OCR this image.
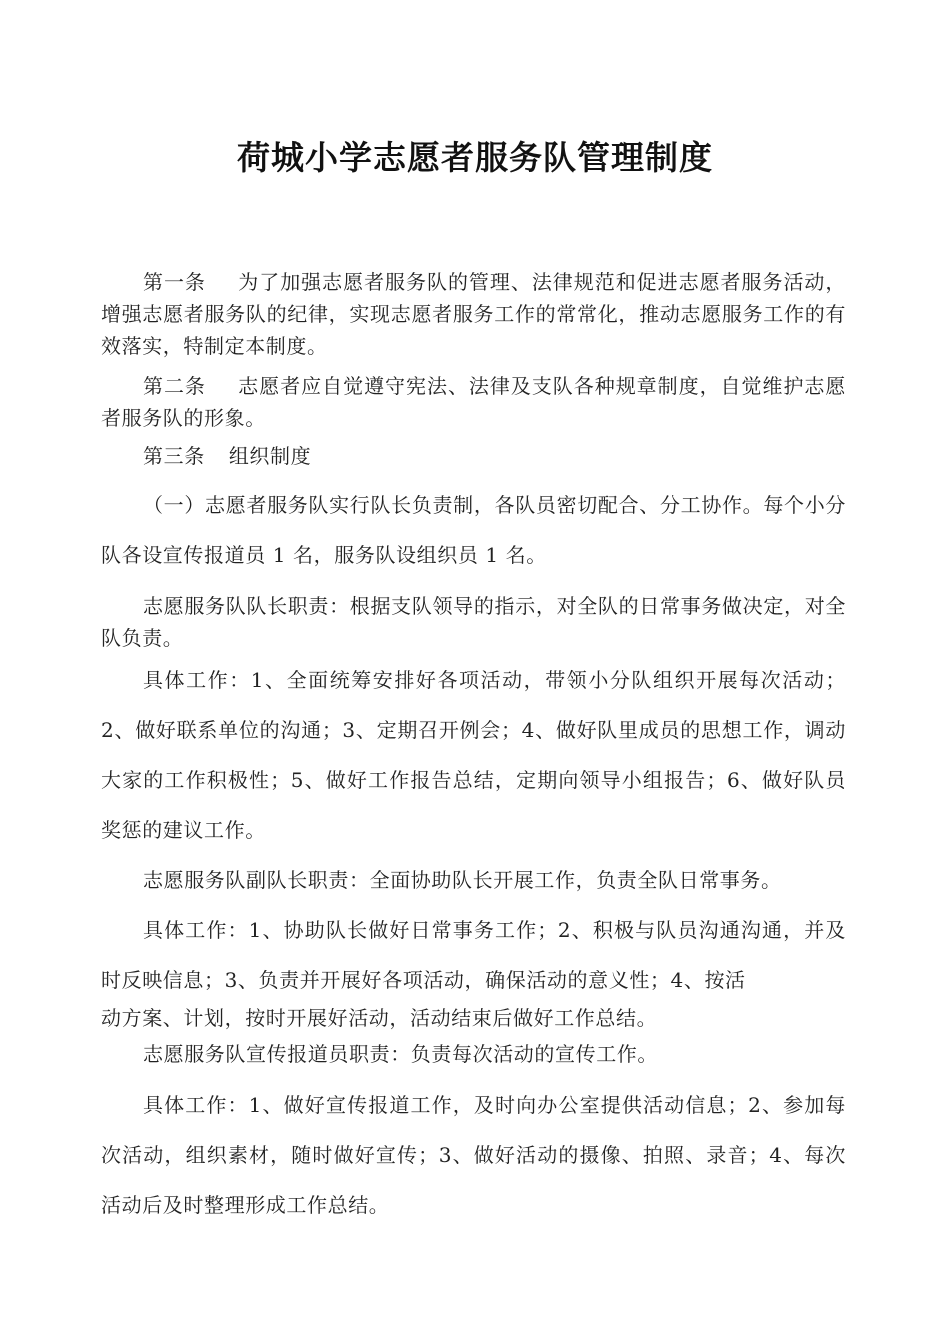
荷城小学志愿者服务队管理制度

第一条 为了加强志愿者服务队的管理、法律规范和促进志愿者服务活动，增强志愿者服务队的纪律，实现志愿者服务工作的常常化，推动志愿服务工作的有效落实，特制定本制度。

第二条 志愿者应自觉遵守宪法、法律及支队各种规章制度，自觉维护志愿者服务队的形象。

第三条 组织制度

（一）志愿者服务队实行队长负责制，各队员密切配合、分工协作。每个小分队各设宣传报道员 1 名，服务队设组织员 1 名。

志愿服务队队长职责：根据支队领导的指示，对全队的日常事务做决定，对全队负责。

具体工作：1、全面统筹安排好各项活动，带领小分队组织开展每次活动；2、做好联系单位的沟通；3、定期召开例会；4、做好队里成员的思想工作，调动大家的工作积极性；5、做好工作报告总结，定期向领导小组报告；6、做好队员奖惩的建议工作。

志愿服务队副队长职责：全面协助队长开展工作，负责全队日常事务。

具体工作：1、协助队长做好日常事务工作；2、积极与队员沟通沟通，并及时反映信息；3、负责并开展好各项活动，确保活动的意义性；4、按活

动方案、计划，按时开展好活动，活动结束后做好工作总结。

志愿服务队宣传报道员职责：负责每次活动的宣传工作。

具体工作：1、做好宣传报道工作，及时向办公室提供活动信息；2、参加每次活动，组织素材，随时做好宣传；3、做好活动的摄像、拍照、录音；4、每次活动后及时整理形成工作总结。
